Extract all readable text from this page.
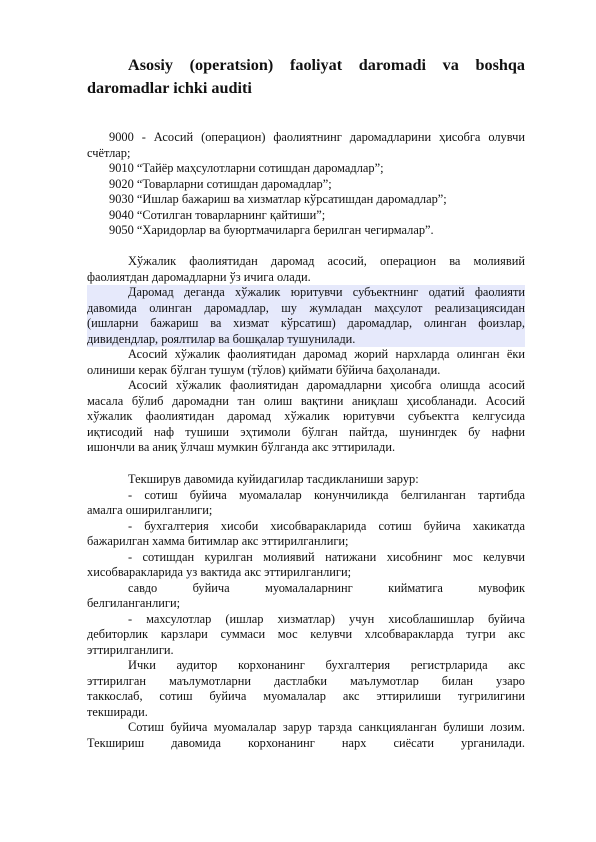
Asosiy (operatsion) faoliyat daromadi va boshqa daromadlar ichki auditi

9000 - Асосий (операцион) фаолиятнинг даромадларини ҳисобга олувчи

счётлар;

9010 “Тайёр маҳсулотларни сотишдан даромадлар”;

9020 “Товарларни сотишдан даромадлар”;

9030 “Ишлар бажариш ва хизматлар кўрсатишдан даромадлар”;

9040 “Сотилган товарларнинг қайтиши”;

9050 “Харидорлар ва буюртмачиларга берилган чегирмалар”.

Хўжалик фаолиятидан даромад асосий, операцион ва молиявий

фаолиятдан даромадларни ўз ичига олади.

Даромад деганда хўжалик юритувчи субъектнинг одатий фаолияти

давомида олинган даромадлар, шу жумладан маҳсулот реализациясидан

(ишларни бажариш ва хизмат кўрсатиш) даромадлар, олинган фоизлар,

дивидендлар, роялтилар ва бошқалар тушунилади.

Асосий хўжалик фаолиятидан даромад жорий нархларда олинган ёки

олиниши керак бўлган тушум (тўлов) қиймати бўйича баҳоланади.

Асосий хўжалик фаолиятидан даромадларни ҳисобга олишда асосий

масала бўлиб даромадни тан олиш вақтини аниқлаш ҳисобланади. Асосий

хўжалик фаолиятидан даромад хўжалик юритувчи субъектга келгусида

иқтисодий наф тушиши эҳтимоли бўлган пайтда, шунингдек бу нафни

ишончли ва аниқ ўлчаш мумкин бўлганда акс эттирилади.

Текширув давомида куйидагилар тасдикланиши зарур:

- сотиш буйича муомалалар конунчиликда белгиланган тартибда

амалга оширилганлиги;

- бухгалтерия хисоби хисобваракларида сотиш буйича хакикатда

бажарилган хамма битимлар акс эттирилганлиги;

- сотишдан курилган молиявий натижани хисобнинг мос келувчи

хисобваракларида уз вактида акс эттирилганлиги;

савдо буйича муомалаларнинг кийматига мувофик

белгиланганлиги;

- махсулотлар (ишлар хизматлар) учун хисоблашишлар буйича

дебиторлик карзлари суммаси мос келувчи хлсобваракларда тугри акс

эттирилганлиги.

Ички аудитор корхонанинг бухгалтерия регистрларида акс

эттирилган маълумотларни дастлабки маълумотлар билан узаро

таккослаб, сотиш буйича муомалалар акс эттирилиши тугрилигини

текширади.

Сотиш буйича муомалалар зарур тарзда санкцияланган булиши лозим.

Текшириш давомида корхонанинг нарх сиёсати урганилади.
